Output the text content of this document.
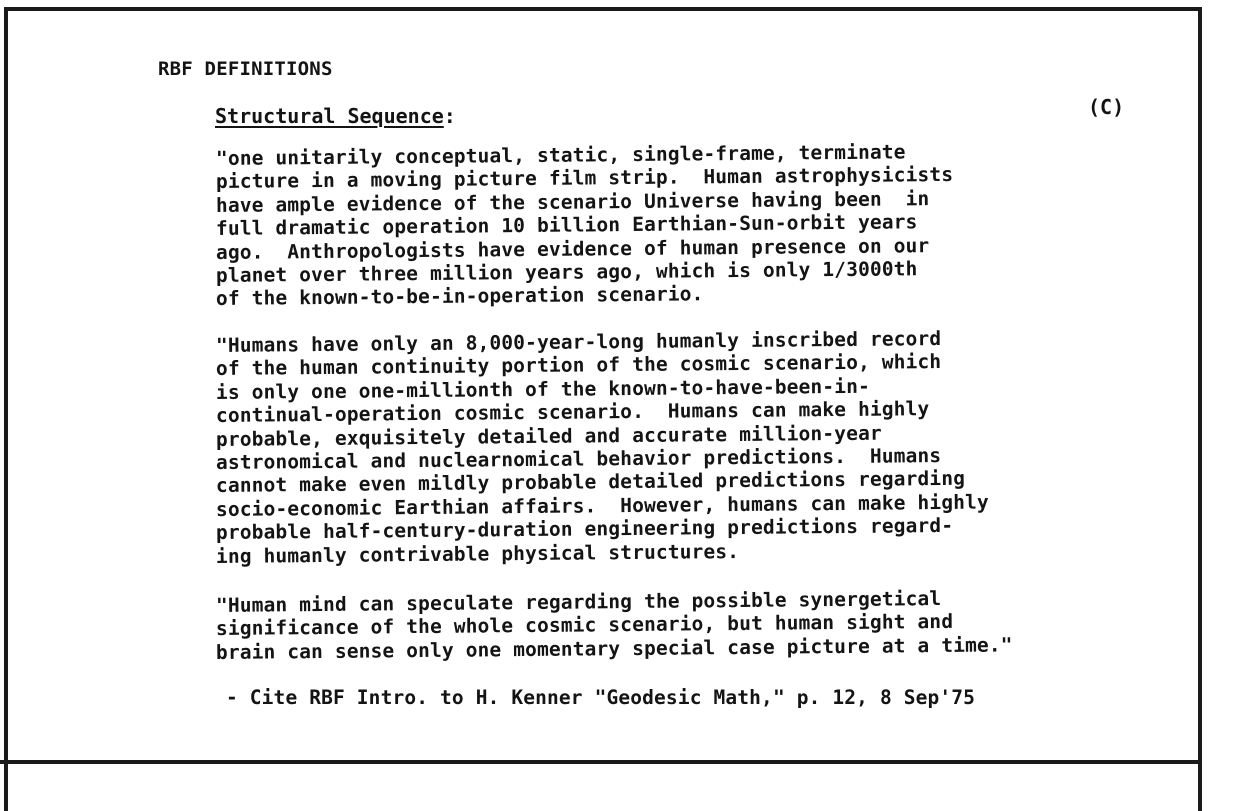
RBF DEFINITIONS
Structural Sequence:	(C)
"one unitarily conceptual, static, single-frame, terminate
picture in a moving picture film strip.  Human astrophysicists
have ample evidence of the scenario Universe having been  in
full dramatic operation 10 billion Earthian-Sun-orbit years
ago.  Anthropologists have evidence of human presence on our
planet over three million years ago, which is only 1/3000th
of the known-to-be-in-operation scenario.
"Humans have only an 8,000-year-long humanly inscribed record
of the human continuity portion of the cosmic scenario, which
is only one one-millionth of the known-to-have-been-in-
continual-operation cosmic scenario.  Humans can make highly
probable, exquisitely detailed and accurate million-year
astronomical and nuclearnomical behavior predictions.  Humans
cannot make even mildly probable detailed predictions regarding
socio-economic Earthian affairs.  However, humans can make highly
probable half-century-duration engineering predictions regard-
ing humanly contrivable physical structures.
"Human mind can speculate regarding the possible synergetical
significance of the whole cosmic scenario, but human sight and
brain can sense only one momentary special case picture at a time."
- Cite RBF Intro. to H. Kenner "Geodesic Math," p. 12, 8 Sep'75
